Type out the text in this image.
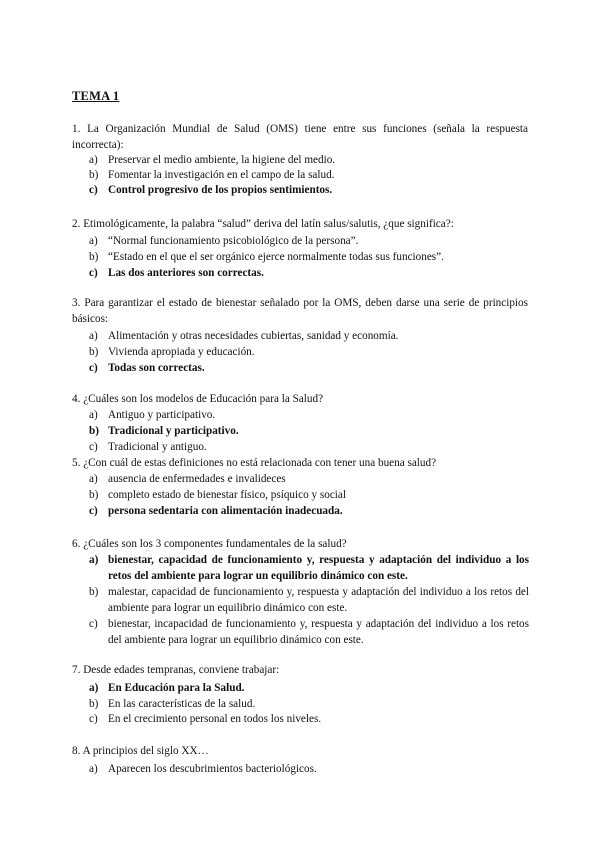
TEMA 1
1. La Organización Mundial de Salud (OMS) tiene entre sus funciones (señala la respuesta incorrecta):
a) Preservar el medio ambiente, la higiene del medio.
b) Fomentar la investigación en el campo de la salud.
c) Control progresivo de los propios sentimientos.
2. Etimológicamente, la palabra “salud” deriva del latín salus/salutis, ¿que significa?:
a) “Normal funcionamiento psicobiológico de la persona”.
b) “Estado en el que el ser orgánico ejerce normalmente todas sus funciones”.
c) Las dos anteriores son correctas.
3. Para garantizar el estado de bienestar señalado por la OMS, deben darse una serie de principios básicos:
a) Alimentación y otras necesidades cubiertas, sanidad y economía.
b) Vivienda apropiada y educación.
c) Todas son correctas.
4. ¿Cuáles son los modelos de Educación para la Salud?
a) Antiguo y participativo.
b) Tradicional y participativo.
c) Tradicional y antiguo.
5. ¿Con cuál de estas definiciones no está relacionada con tener una buena salud?
a) ausencia de enfermedades e invalideces
b) completo estado de bienestar físico, psíquico y social
c) persona sedentaria con alimentación inadecuada.
6. ¿Cuáles son los 3 componentes fundamentales de la salud?
a) bienestar, capacidad de funcionamiento y, respuesta y adaptación del individuo a los retos del ambiente para lograr un equilibrio dinámico con este.
b) malestar, capacidad de funcionamiento y, respuesta y adaptación del individuo a los retos del ambiente para lograr un equilibrio dinámico con este.
c) bienestar, incapacidad de funcionamiento y, respuesta y adaptación del individuo a los retos del ambiente para lograr un equilibrio dinámico con este.
7. Desde edades tempranas, conviene trabajar:
a) En Educación para la Salud.
b) En las características de la salud.
c) En el crecimiento personal en todos los niveles.
8. A principios del siglo XX…
a) Aparecen los descubrimientos bacteriológicos.
